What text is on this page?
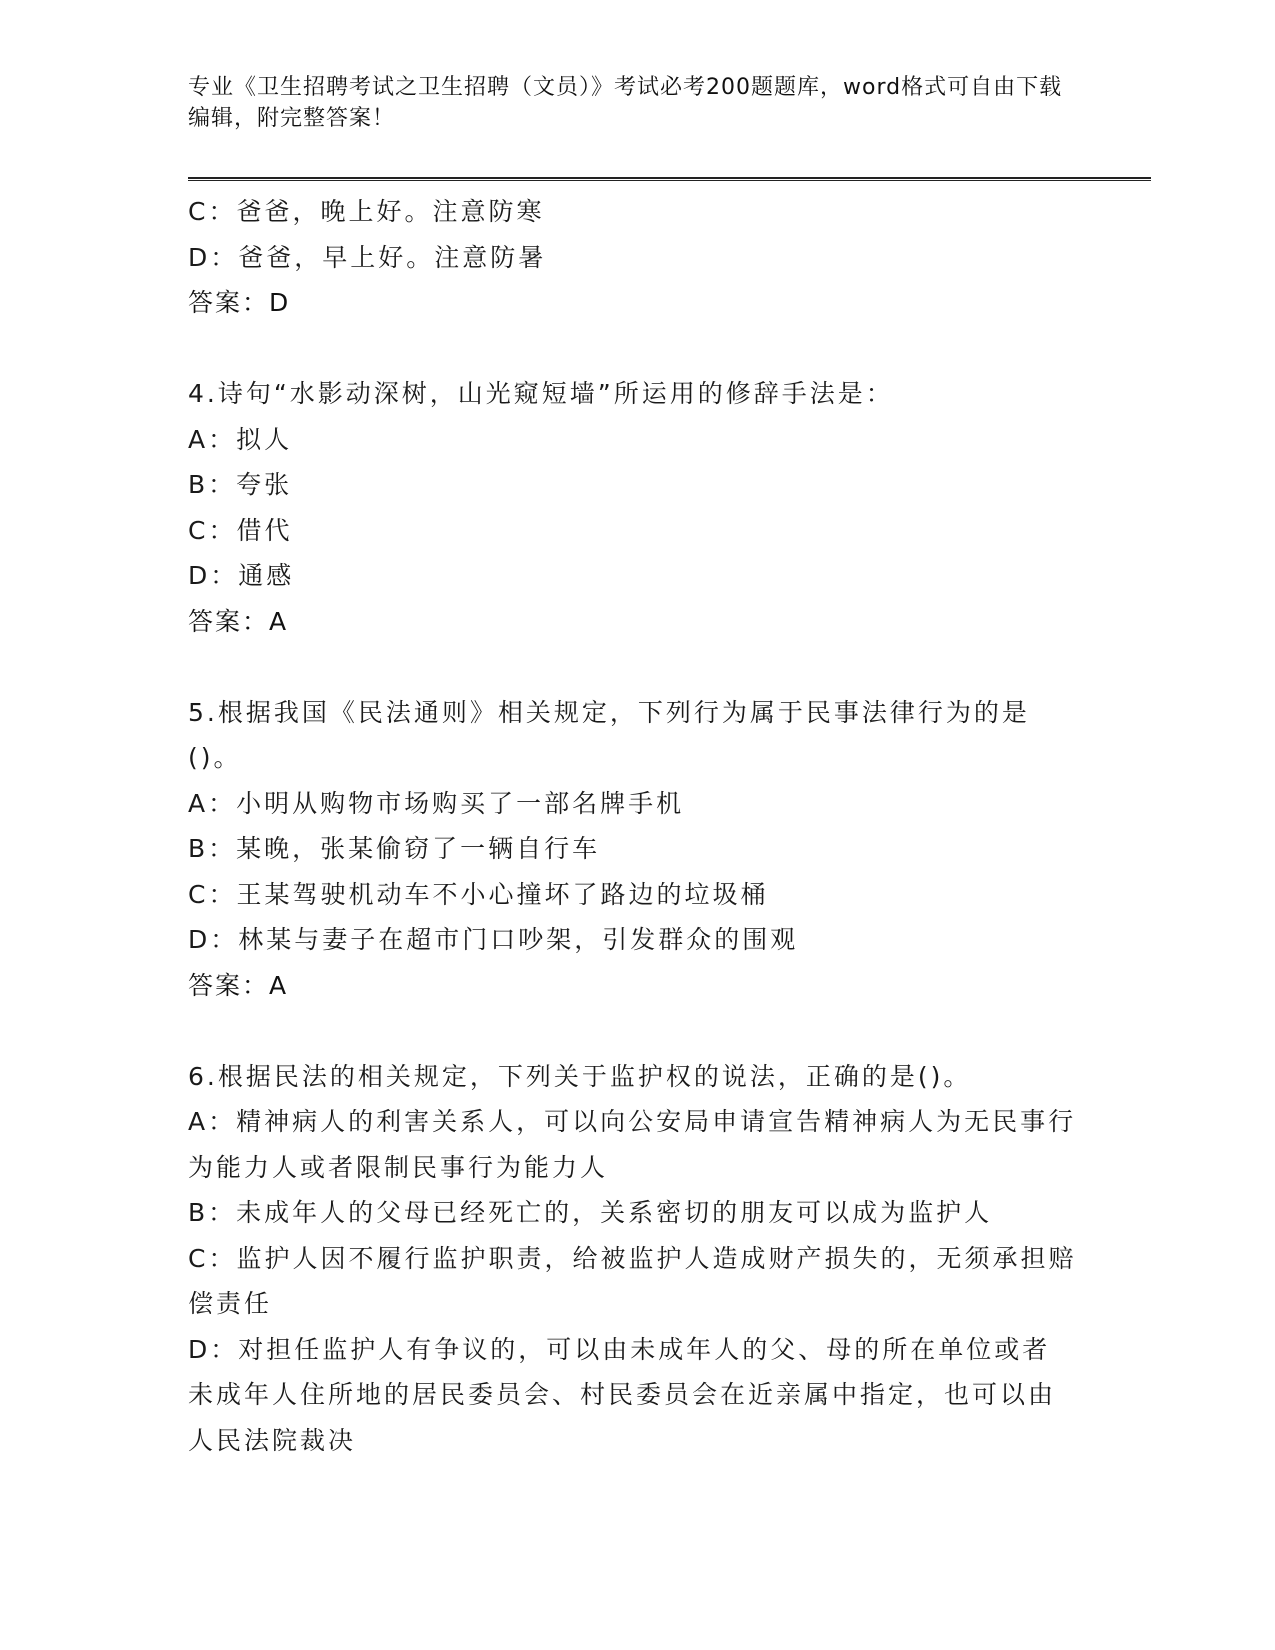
专业《卫生招聘考试之卫生招聘（文员）》考试必考200题题库，word格式可自由下载编辑，附完整答案！
C：爸爸，晚上好。注意防寒
D：爸爸，早上好。注意防暑
答案：D
4.诗句“水影动深树，山光窥短墙”所运用的修辞手法是：
A：拟人
B：夸张
C：借代
D：通感
答案：A
5.根据我国《民法通则》相关规定，下列行为属于民事法律行为的是()。
A：小明从购物市场购买了一部名牌手机
B：某晚，张某偷窃了一辆自行车
C：王某驾驶机动车不小心撞坏了路边的垃圾桶
D：林某与妻子在超市门口吵架，引发群众的围观
答案：A
6.根据民法的相关规定，下列关于监护权的说法，正确的是()。
A：精神病人的利害关系人，可以向公安局申请宣告精神病人为无民事行为能力人或者限制民事行为能力人
B：未成年人的父母已经死亡的，关系密切的朋友可以成为监护人
C：监护人因不履行监护职责，给被监护人造成财产损失的，无须承担赔偿责任
D：对担任监护人有争议的，可以由未成年人的父、母的所在单位或者未成年人住所地的居民委员会、村民委员会在近亲属中指定，也可以由人民法院裁决
